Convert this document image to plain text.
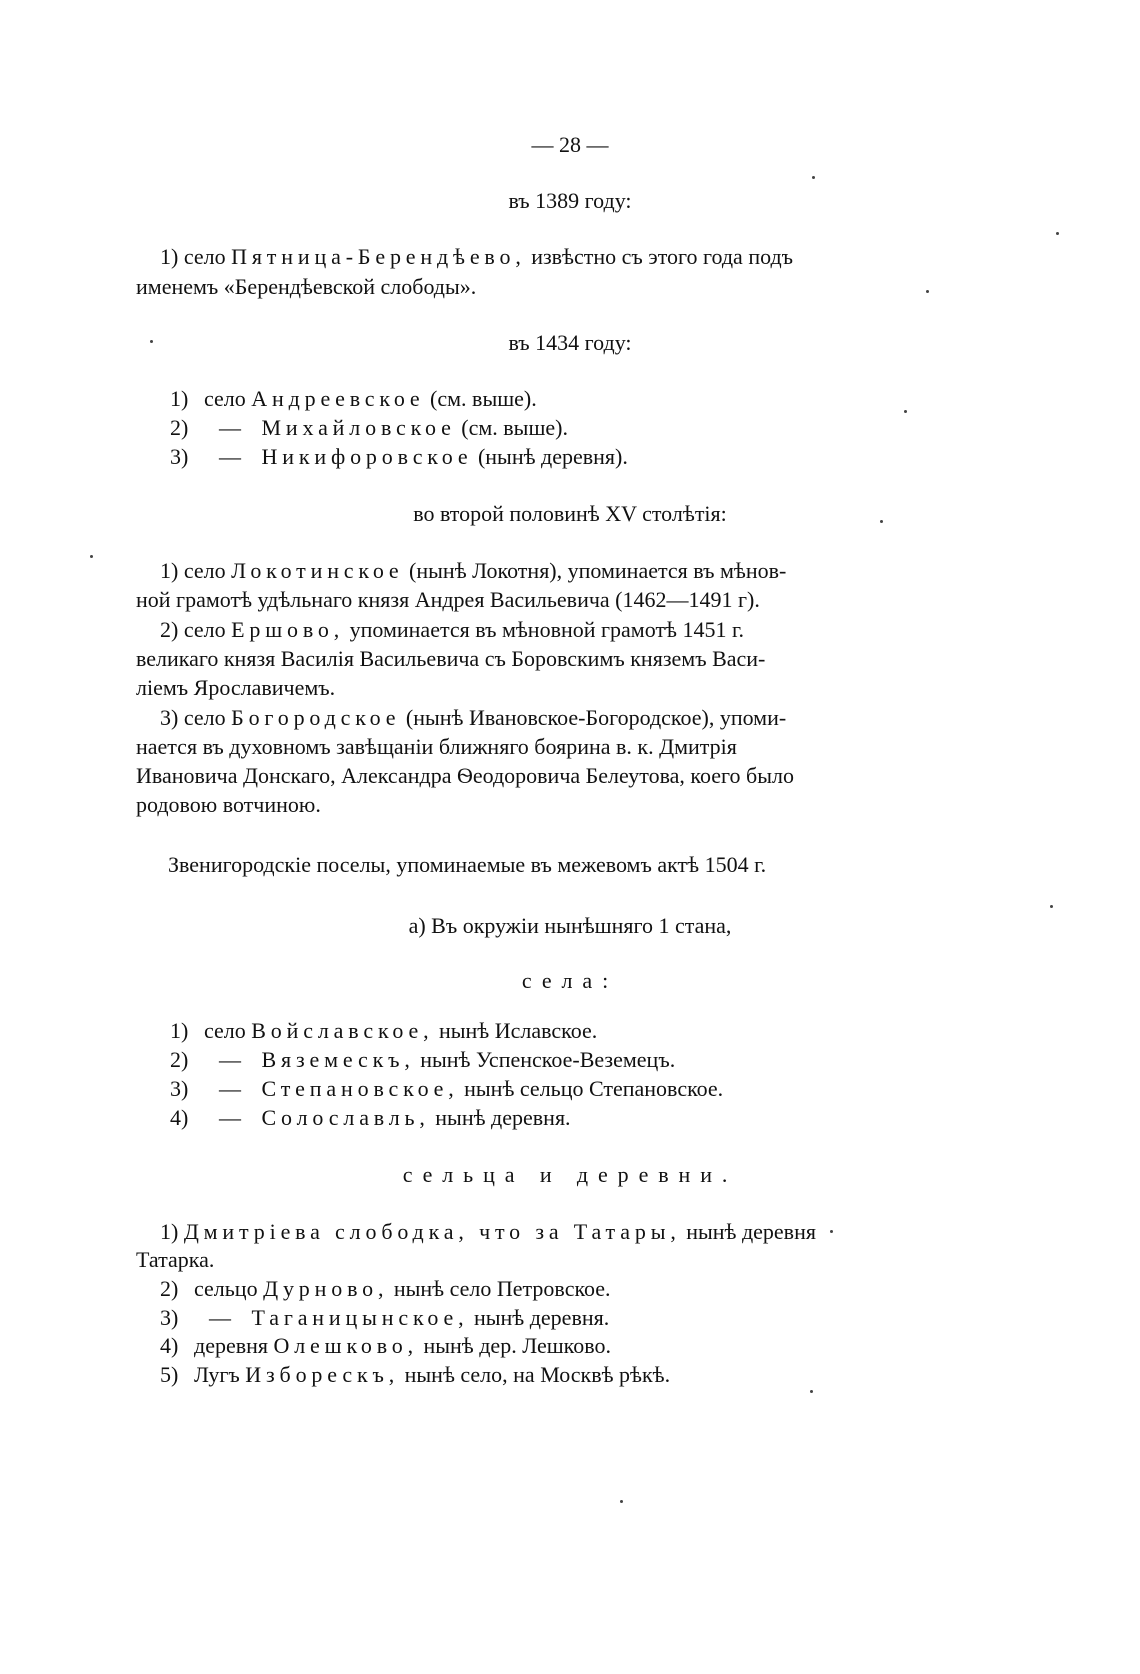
— 28 —
въ 1389 году:
1) село Пятница-Берендѣево, извѣстно съ этого года подъ
именемъ «Берендѣевской слободы».
въ 1434 году:
1) село Андреевское (см. выше).
2) — Михайловское (см. выше).
3) — Никифоровское (нынѣ деревня).
во второй половинѣ XV столѣтія:
1) село Локотинское (нынѣ Локотня), упоминается въ мѣнов-
ной грамотѣ удѣльнаго князя Андрея Васильевича (1462—1491 г).
2) село Ершово, упоминается въ мѣновной грамотѣ 1451 г.
великаго князя Василія Васильевича съ Боровскимъ княземъ Васи-
ліемъ Ярославичемъ.
3) село Богородское (нынѣ Ивановское-Богородское), упоми-
нается въ духовномъ завѣщаніи ближняго боярина в. к. Дмитрія
Ивановича Донскаго, Александра Ѳеодоровича Белеутова, коего было
родовою вотчиною.
Звенигородскіе поселы, упоминаемые въ межевомъ актѣ 1504 г.
а) Въ окружіи нынѣшняго 1 стана,
села:
1) село Войславское, нынѣ Иславское.
2) — Вяземескъ, нынѣ Успенское-Веземецъ.
3) — Степановское, нынѣ сельцо Степановское.
4) — Солославль, нынѣ деревня.
сельца и деревни.
1) Дмитріева слободка, что за Татары, нынѣ деревня
Татарка.
2) сельцо Дурново, нынѣ село Петровское.
3) — Таганицынское, нынѣ деревня.
4) деревня Олешково, нынѣ дер. Лешково.
5) Лугъ Изборескъ, нынѣ село, на Москвѣ рѣкѣ.
